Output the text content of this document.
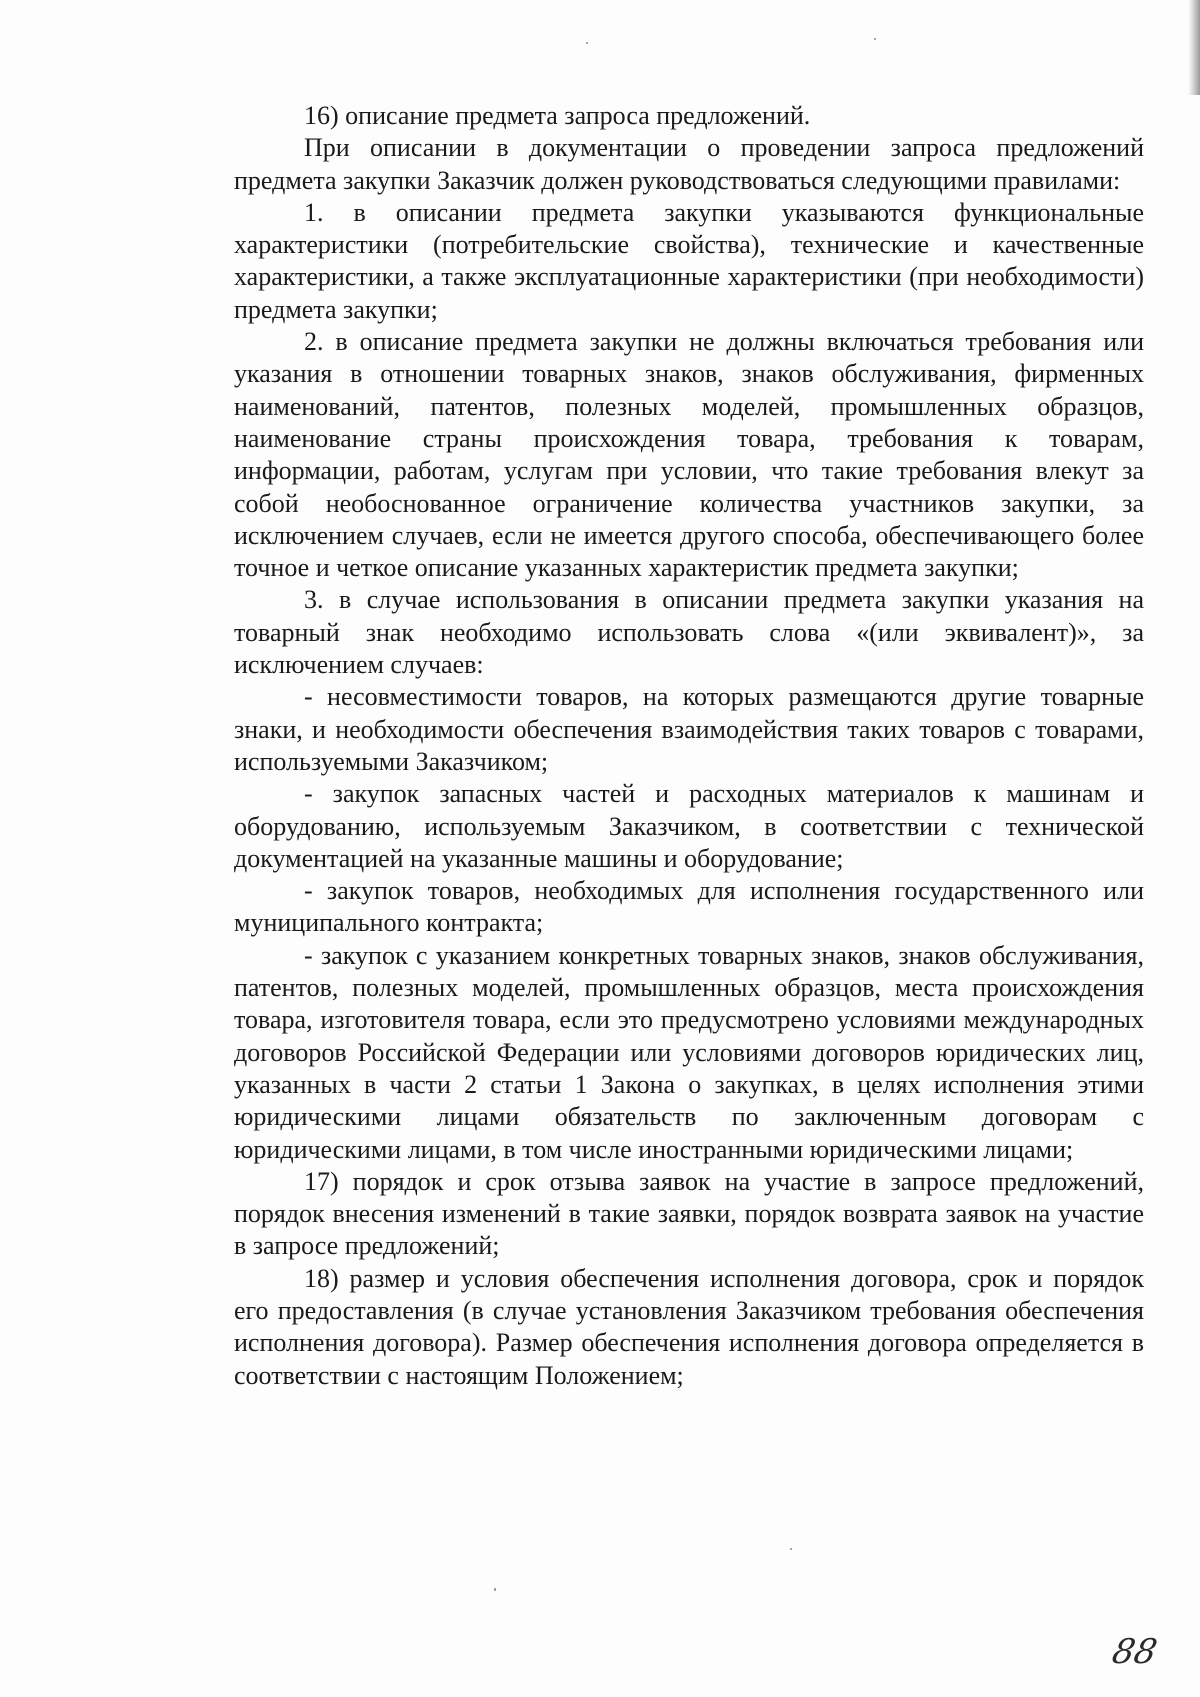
16) описание предмета запроса предложений.

При описании в документации о проведении запроса предложений предмета закупки Заказчик должен руководствоваться следующими правилами:

1. в описании предмета закупки указываются функциональные характеристики (потребительские свойства), технические и качественные характеристики, а также эксплуатационные характеристики (при необходимости) предмета закупки;

2. в описание предмета закупки не должны включаться требования или указания в отношении товарных знаков, знаков обслуживания, фирменных наименований, патентов, полезных моделей, промышленных образцов, наименование страны происхождения товара, требования к товарам, информации, работам, услугам при условии, что такие требования влекут за собой необоснованное ограничение количества участников закупки, за исключением случаев, если не имеется другого способа, обеспечивающего более точное и четкое описание указанных характеристик предмета закупки;

3. в случае использования в описании предмета закупки указания на товарный знак необходимо использовать слова «(или эквивалент)», за исключением случаев:

- несовместимости товаров, на которых размещаются другие товарные знаки, и необходимости обеспечения взаимодействия таких товаров с товарами, используемыми Заказчиком;

- закупок запасных частей и расходных материалов к машинам и оборудованию, используемым Заказчиком, в соответствии с технической документацией на указанные машины и оборудование;

- закупок товаров, необходимых для исполнения государственного или муниципального контракта;

- закупок с указанием конкретных товарных знаков, знаков обслуживания, патентов, полезных моделей, промышленных образцов, места происхождения товара, изготовителя товара, если это предусмотрено условиями международных договоров Российской Федерации или условиями договоров юридических лиц, указанных в части 2 статьи 1 Закона о закупках, в целях исполнения этими юридическими лицами обязательств по заключенным договорам с юридическими лицами, в том числе иностранными юридическими лицами;

17) порядок и срок отзыва заявок на участие в запросе предложений, порядок внесения изменений в такие заявки, порядок возврата заявок на участие в запросе предложений;

18) размер и условия обеспечения исполнения договора, срок и порядок его предоставления (в случае установления Заказчиком требования обеспечения исполнения договора). Размер обеспечения исполнения договора определяется в соответствии с настоящим Положением;

88
